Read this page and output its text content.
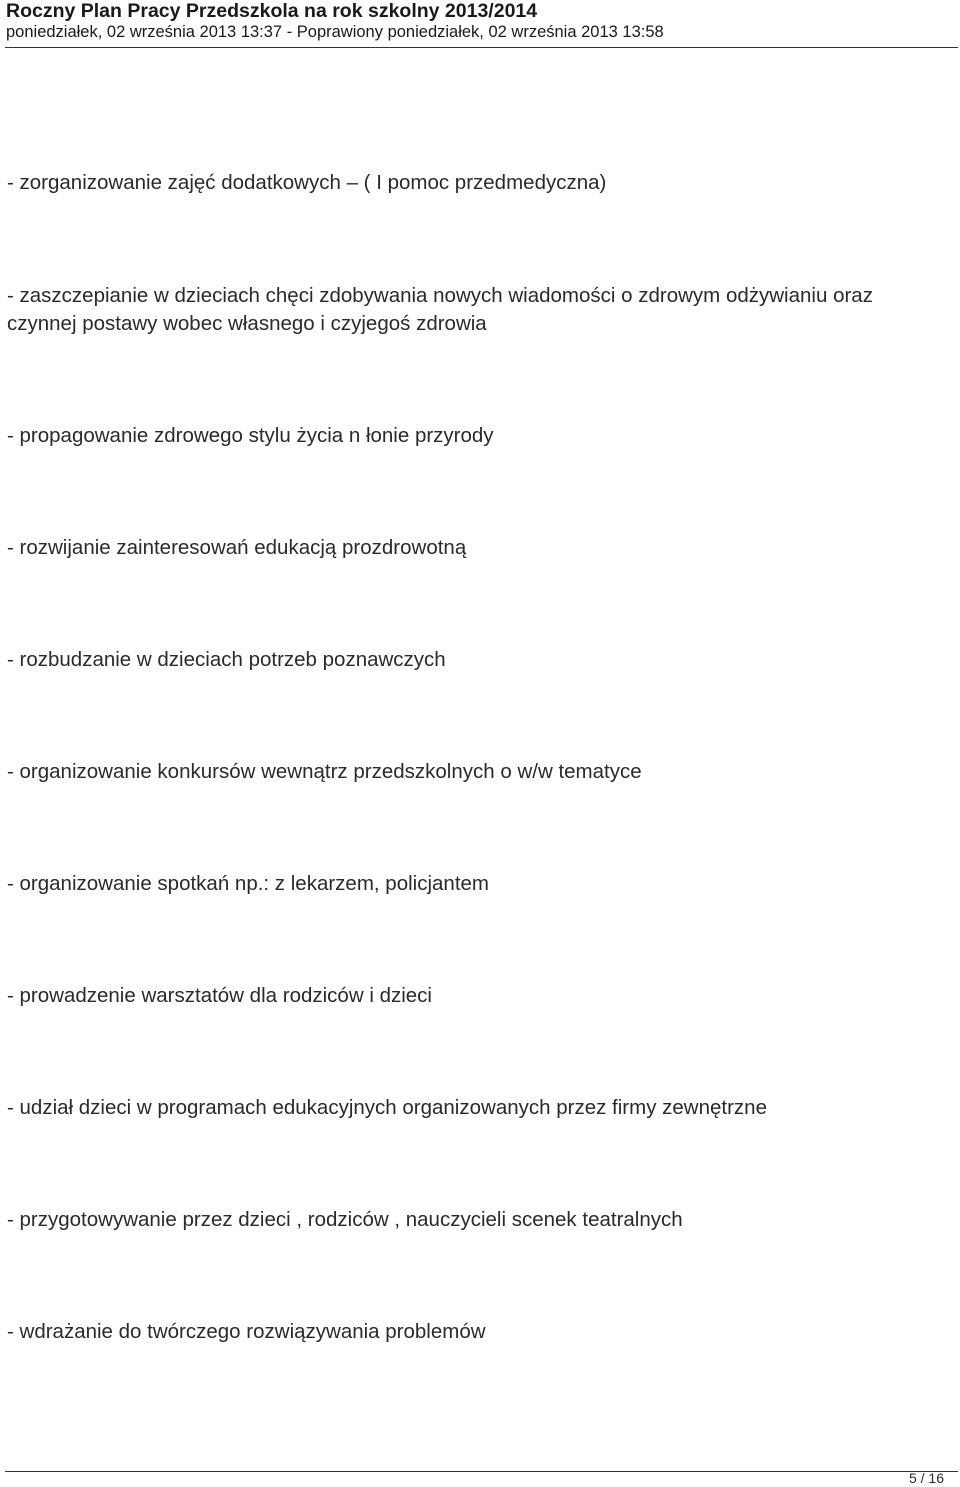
Roczny Plan Pracy Przedszkola na rok szkolny 2013/2014
poniedziałek, 02 września 2013 13:37 - Poprawiony poniedziałek, 02 września 2013 13:58
- zorganizowanie zajęć dodatkowych – ( I pomoc przedmedyczna)
- zaszczepianie w dzieciach chęci zdobywania nowych wiadomości o zdrowym odżywianiu oraz
czynnej postawy wobec własnego i czyjegoś zdrowia
- propagowanie zdrowego stylu życia n łonie przyrody
- rozwijanie zainteresowań edukacją prozdrowotną
- rozbudzanie w dzieciach potrzeb poznawczych
- organizowanie konkursów wewnątrz przedszkolnych o w/w tematyce
- organizowanie spotkań np.: z lekarzem, policjantem
- prowadzenie warsztatów dla rodziców i dzieci
- udział dzieci w programach edukacyjnych organizowanych przez firmy zewnętrzne
- przygotowywanie przez dzieci , rodziców , nauczycieli scenek teatralnych
- wdrażanie do twórczego rozwiązywania problemów
5 / 16
